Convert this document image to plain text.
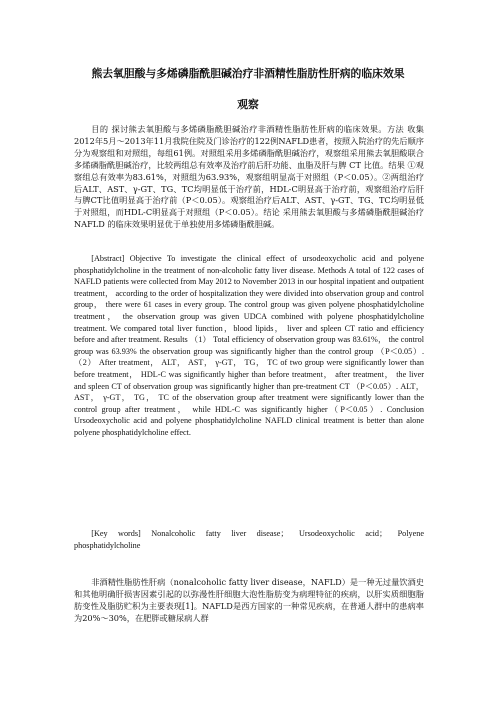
熊去氧胆酸与多烯磷脂酰胆碱治疗非酒精性脂肪性肝病的临床效果
观察

目的 探讨熊去氧胆酸与多烯磷脂酰胆碱治疗非酒精性脂肪性肝病的临床效果。方法 收集2012年5月～2013年11月我院住院及门诊治疗的122例NAFLD患者，按照入院治疗的先后顺序分为观察组和对照组，每组61例。对照组采用多烯磷脂酰胆碱治疗，观察组采用熊去氧胆酸联合多烯磷脂酰胆碱治疗，比较两组总有效率及治疗前后肝功能、血脂及肝与脾 CT 比值。结果 ①观察组总有效率为83.61%，对照组为63.93%，观察组明显高于对照组（P＜0.05）。②两组治疗后ALT、AST、γ-GT、TG、TC均明显低于治疗前，HDL-C明显高于治疗前，观察组治疗后肝与脾CT比值明显高于治疗前（P＜0.05）。观察组治疗后ALT、AST、γ-GT、TG、TC均明显低于对照组，而HDL-C明显高于对照组（P＜0.05）。结论 采用熊去氧胆酸与多烯磷脂酰胆碱治疗 NAFLD 的临床效果明显优于单独使用多烯磷脂酰胆碱。

[Abstract] Objective To investigate the clinical effect of ursodeoxycholic acid and polyene phosphatidylcholine in the treatment of non-alcoholic fatty liver disease. Methods A total of 122 cases of NAFLD patients were collected from May 2012 to November 2013 in our hospital inpatient and outpatient treatment， according to the order of hospitalization they were divided into observation group and control group， there were 61 cases in every group. The control group was given polyene phosphatidylcholine treatment， the observation group was given UDCA combined with polyene phosphatidylcholine treatment. We compared total liver function，blood lipids， liver and spleen CT ratio and efficiency before and after treatment. Results （1） Total efficiency of observation group was 83.61%， the control group was 63.93% the observation group was significantly higher than the control group （P＜0.05）.（2） After treatment， ALT， AST， γ-GT， TG， TC of two group were significantly lower than before treatment， HDL-C was significantly higher than before treatment， after treatment， the liver and spleen CT of observation group was significantly higher than pre-treatment CT （P＜0.05）. ALT， AST， γ-GT， TG， TC of the observation group after treatment were significantly lower than the control group after treatment， while HDL-C was significantly higher（P＜0.05）. Conclusion Ursodeoxycholic acid and polyene phosphatidylcholine NAFLD clinical treatment is better than alone polyene phosphatidylcholine effect.

[Key words] Nonalcoholic fatty liver disease； Ursodeoxycholic acid； Polyene phosphatidylcholine

非酒精性脂肪性肝病（nonalcoholic fatty liver disease，NAFLD）是一种无过量饮酒史和其他明确肝损害因素引起的以弥漫性肝细胞大泡性脂肪变为病理特征的疾病，以肝实质细胞脂肪变性及脂肪贮积为主要表现[1]。NAFLD是西方国家的一种常见疾病，在普通人群中的患病率为20%～30%，在肥胖或糖尿病人群
